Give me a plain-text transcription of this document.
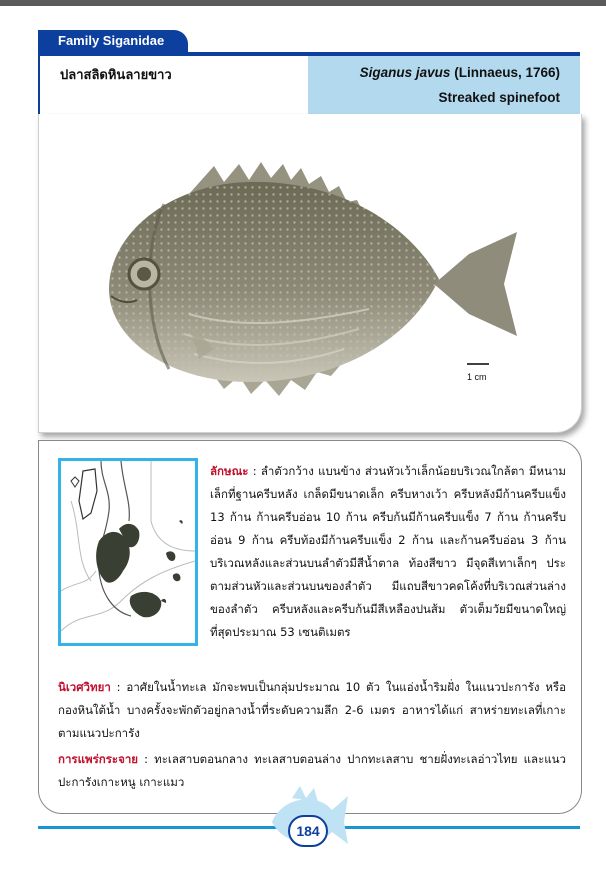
Family Siganidae
ปลาสลิดหินลายขาว	Siganus javus (Linnaeus, 1766)
Streaked spinefoot
1 cm
ลักษณะ : ลำตัวกว้าง แบนข้าง ส่วนหัวเว้าเล็กน้อยบริเวณใกล้ตา มีหนามเล็กที่ฐานครีบหลัง เกล็ดมีขนาดเล็ก ครีบหางเว้า ครีบหลังมีก้านครีบแข็ง 13 ก้าน ก้านครีบอ่อน 10 ก้าน ครีบก้นมีก้านครีบแข็ง 7 ก้าน ก้านครีบอ่อน 9 ก้าน ครีบท้องมีก้านครีบแข็ง 2 ก้าน และก้านครีบอ่อน 3 ก้าน บริเวณหลังและส่วนบนลำตัวมีสีน้ำตาล ท้องสีขาว มีจุดสีเทาเล็กๆ ประตามส่วนหัวและส่วนบนของลำตัว มีแถบสีขาวคดโค้งที่บริเวณส่วนล่างของลำตัว ครีบหลังและครีบก้นมีสีเหลืองปนส้ม ตัวเต็มวัยมีขนาดใหญ่ที่สุดประมาณ 53 เซนติเมตร
นิเวศวิทยา : อาศัยในน้ำทะเล มักจะพบเป็นกลุ่มประมาณ 10 ตัว ในแอ่งน้ำริมฝั่ง ในแนวปะการัง หรือกองหินใต้น้ำ บางครั้งจะพักตัวอยู่กลางน้ำที่ระดับความลึก 2-6 เมตร อาหารได้แก่ สาหร่ายทะเลที่เกาะตามแนวปะการัง
การแพร่กระจาย : ทะเลสาบตอนกลาง ทะเลสาบตอนล่าง ปากทะเลสาบ ชายฝั่งทะเลอ่าวไทย และแนวปะการังเกาะหนู เกาะแมว
184
